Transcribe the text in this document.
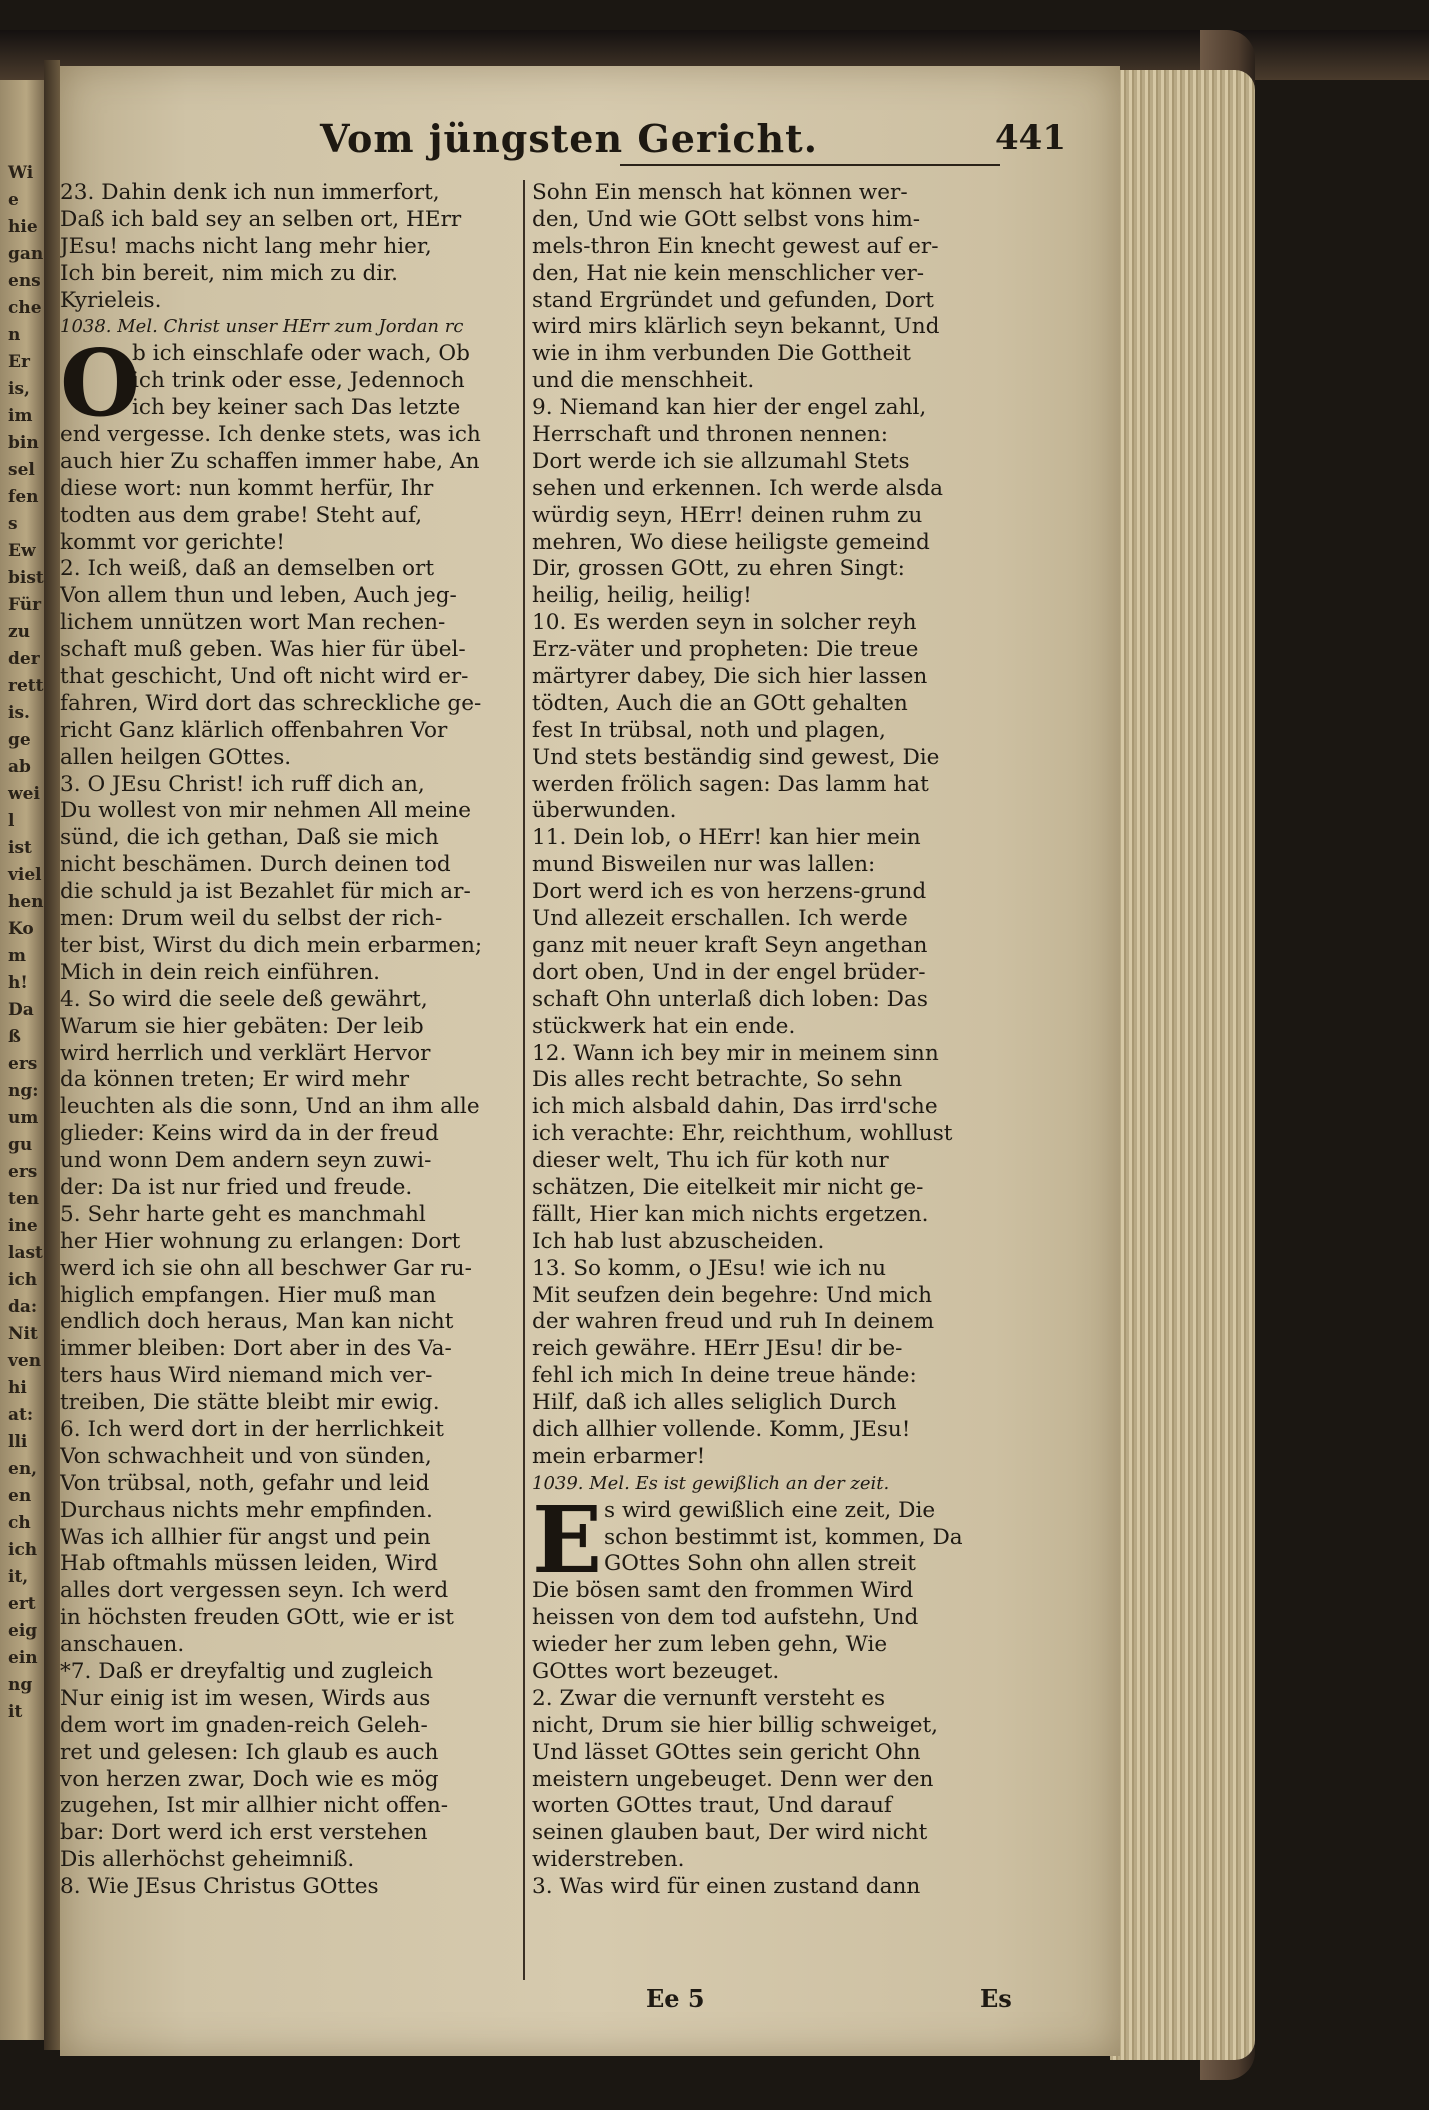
Wie
hie
gan
ens
chen
Er
is,
im
bin
sel
fens
Ew
bist
Für
zu
der
rett
is.
ge
ab
weil
ist
viel
hen
Kom
h!
Daß
ers
ng:
um
gu
ers
ten
ine
last
ich
da:
Nit
ven
hi
at:
lli
en,
en
ch
ich
it,
ert
eig
ein
ng
it
Vom jüngsten Gericht.	441
23. Dahin denk ich nun immerfort,
Daß ich bald sey an selben ort, HErr
JEsu! machs nicht lang mehr hier,
Ich bin bereit, nim mich zu dir.
Kyrieleis.
1038. Mel. Christ unser HErr zum Jordan rc
O
b ich einschlafe oder wach, Ob
ich trink oder esse, Jedennoch
ich bey keiner sach Das letzte
end vergesse. Ich denke stets, was ich
auch hier Zu schaffen immer habe, An
diese wort: nun kommt herfür, Ihr
todten aus dem grabe! Steht auf,
kommt vor gerichte!
2. Ich weiß, daß an demselben ort
Von allem thun und leben, Auch jeg-
lichem unnützen wort Man rechen-
schaft muß geben. Was hier für übel-
that geschicht, Und oft nicht wird er-
fahren, Wird dort das schreckliche ge-
richt Ganz klärlich offenbahren Vor
allen heilgen GOttes.
3. O JEsu Christ! ich ruff dich an,
Du wollest von mir nehmen All meine
sünd, die ich gethan, Daß sie mich
nicht beschämen. Durch deinen tod
die schuld ja ist Bezahlet für mich ar-
men: Drum weil du selbst der rich-
ter bist, Wirst du dich mein erbarmen;
Mich in dein reich einführen.
4. So wird die seele deß gewährt,
Warum sie hier gebäten: Der leib
wird herrlich und verklärt Hervor
da können treten; Er wird mehr
leuchten als die sonn, Und an ihm alle
glieder: Keins wird da in der freud
und wonn Dem andern seyn zuwi-
der: Da ist nur fried und freude.
5. Sehr harte geht es manchmahl
her Hier wohnung zu erlangen: Dort
werd ich sie ohn all beschwer Gar ru-
higlich empfangen. Hier muß man
endlich doch heraus, Man kan nicht
immer bleiben: Dort aber in des Va-
ters haus Wird niemand mich ver-
treiben, Die stätte bleibt mir ewig.
6. Ich werd dort in der herrlichkeit
Von schwachheit und von sünden,
Von trübsal, noth, gefahr und leid
Durchaus nichts mehr empfinden.
Was ich allhier für angst und pein
Hab oftmahls müssen leiden, Wird
alles dort vergessen seyn. Ich werd
in höchsten freuden GOtt, wie er ist
anschauen.
*7. Daß er dreyfaltig und zugleich
Nur einig ist im wesen, Wirds aus
dem wort im gnaden-reich Geleh-
ret und gelesen: Ich glaub es auch
von herzen zwar, Doch wie es mög
zugehen, Ist mir allhier nicht offen-
bar: Dort werd ich erst verstehen
Dis allerhöchst geheimniß.
8. Wie JEsus Christus GOttes
Sohn Ein mensch hat können wer-
den, Und wie GOtt selbst vons him-
mels-thron Ein knecht gewest auf er-
den, Hat nie kein menschlicher ver-
stand Ergründet und gefunden, Dort
wird mirs klärlich seyn bekannt, Und
wie in ihm verbunden Die Gottheit
und die menschheit.
9. Niemand kan hier der engel zahl,
Herrschaft und thronen nennen:
Dort werde ich sie allzumahl Stets
sehen und erkennen. Ich werde alsda
würdig seyn, HErr! deinen ruhm zu
mehren, Wo diese heiligste gemeind
Dir, grossen GOtt, zu ehren Singt:
heilig, heilig, heilig!
10. Es werden seyn in solcher reyh
Erz-väter und propheten: Die treue
märtyrer dabey, Die sich hier lassen
tödten, Auch die an GOtt gehalten
fest In trübsal, noth und plagen,
Und stets beständig sind gewest, Die
werden frölich sagen: Das lamm hat
überwunden.
11. Dein lob, o HErr! kan hier mein
mund Bisweilen nur was lallen:
Dort werd ich es von herzens-grund
Und allezeit erschallen. Ich werde
ganz mit neuer kraft Seyn angethan
dort oben, Und in der engel brüder-
schaft Ohn unterlaß dich loben: Das
stückwerk hat ein ende.
12. Wann ich bey mir in meinem sinn
Dis alles recht betrachte, So sehn
ich mich alsbald dahin, Das irrd'sche
ich verachte: Ehr, reichthum, wohllust
dieser welt, Thu ich für koth nur
schätzen, Die eitelkeit mir nicht ge-
fällt, Hier kan mich nichts ergetzen.
Ich hab lust abzuscheiden.
13. So komm, o JEsu! wie ich nu
Mit seufzen dein begehre: Und mich
der wahren freud und ruh In deinem
reich gewähre. HErr JEsu! dir be-
fehl ich mich In deine treue hände:
Hilf, daß ich alles seliglich Durch
dich allhier vollende. Komm, JEsu!
mein erbarmer!
1039. Mel. Es ist gewißlich an der zeit.
E s wird gewißlich eine zeit, Die
schon bestimmt ist, kommen, Da
GOttes Sohn ohn allen streit
Die bösen samt den frommen Wird
heissen von dem tod aufstehn, Und
wieder her zum leben gehn, Wie
GOttes wort bezeuget.
2. Zwar die vernunft versteht es
nicht, Drum sie hier billig schweiget,
Und lässet GOttes sein gericht Ohn
meistern ungebeuget. Denn wer den
worten GOttes traut, Und darauf
seinen glauben baut, Der wird nicht
widerstreben.
3. Was wird für einen zustand dann
Ee 5	Es
